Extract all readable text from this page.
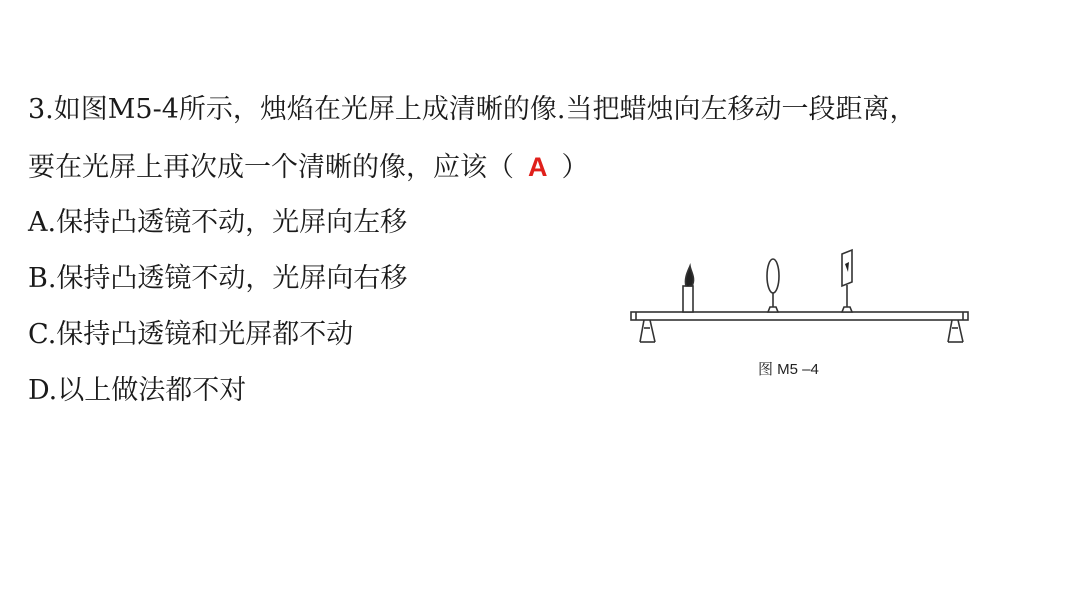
3.如图M5-4所示，烛焰在光屏上成清晰的像.当把蜡烛向左移动一段距离，
要在光屏上再次成一个清晰的像，应该（ A ）
A.保持凸透镜不动，光屏向左移
B.保持凸透镜不动，光屏向右移
C.保持凸透镜和光屏都不动
D.以上做法都不对
图 M5 –4
